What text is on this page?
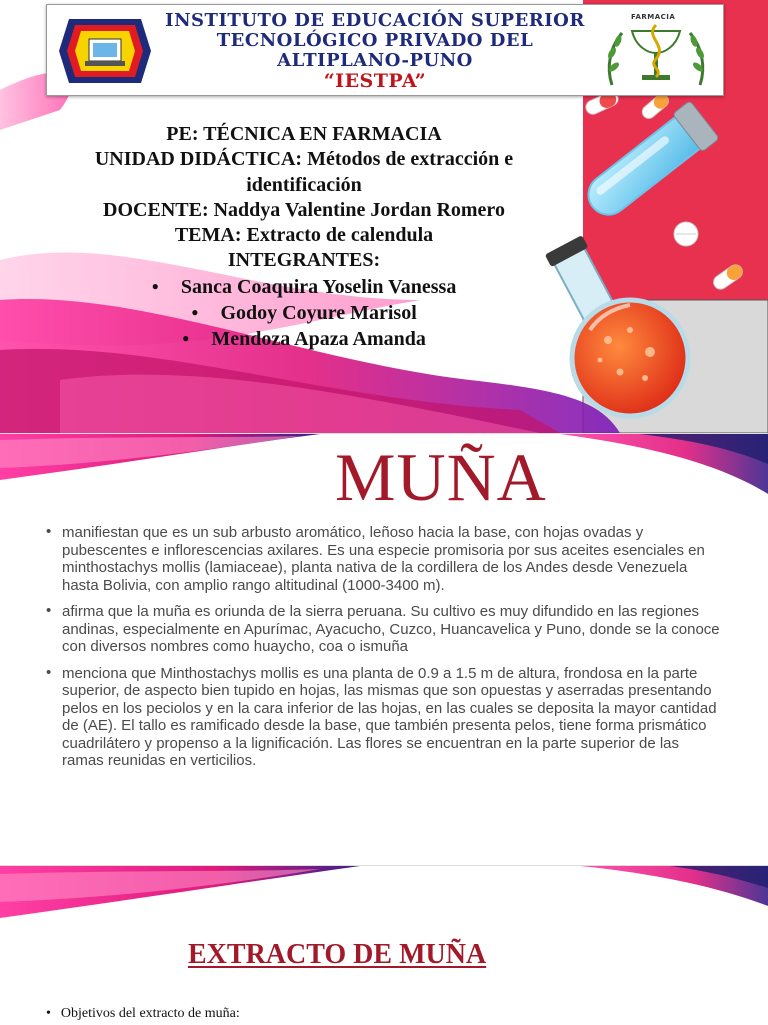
INSTITUTO DE EDUCACIÓN SUPERIOR
TECNOLÓGICO PRIVADO DEL
ALTIPLANO-PUNO
“IESTPA”
FARMACIA
PE: TÉCNICA EN FARMACIA
UNIDAD DIDÁCTICA: Métodos de extracción e identificación
DOCENTE: Naddya Valentine Jordan Romero
TEMA: Extracto de calendula
INTEGRANTES:
● Sanca Coaquira Yoselin Vanessa
● Godoy Coyure Marisol
● Mendoza Apaza Amanda
MUÑA
• manifiestan que es un sub arbusto aromático, leñoso hacia la base, con hojas ovadas y pubescentes e inflorescencias axilares. Es una especie promisoria por sus aceites esenciales en minthostachys mollis (lamiaceae), planta nativa de la cordillera de los Andes desde Venezuela hasta Bolivia, con amplio rango altitudinal (1000-3400 m).
• afirma que la muña es oriunda de la sierra peruana. Su cultivo es muy difundido en las regiones andinas, especialmente en Apurímac, Ayacucho, Cuzco, Huancavelica y Puno, donde se la conoce con diversos nombres como huaycho, coa o ismuña
• menciona que Minthostachys mollis es una planta de 0.9 a 1.5 m de altura, frondosa en la parte superior, de aspecto bien tupido en hojas, las mismas que son opuestas y aserradas presentando pelos en los peciolos y en la cara inferior de las hojas, en las cuales se deposita la mayor cantidad de (AE). El tallo es ramificado desde la base, que también presenta pelos, tiene forma prismático cuadrilátero y propenso a la lignificación. Las flores se encuentran en la parte superior de las ramas reunidas en verticilios.
EXTRACTO DE MUÑA
• Objetivos del extracto de muña:
